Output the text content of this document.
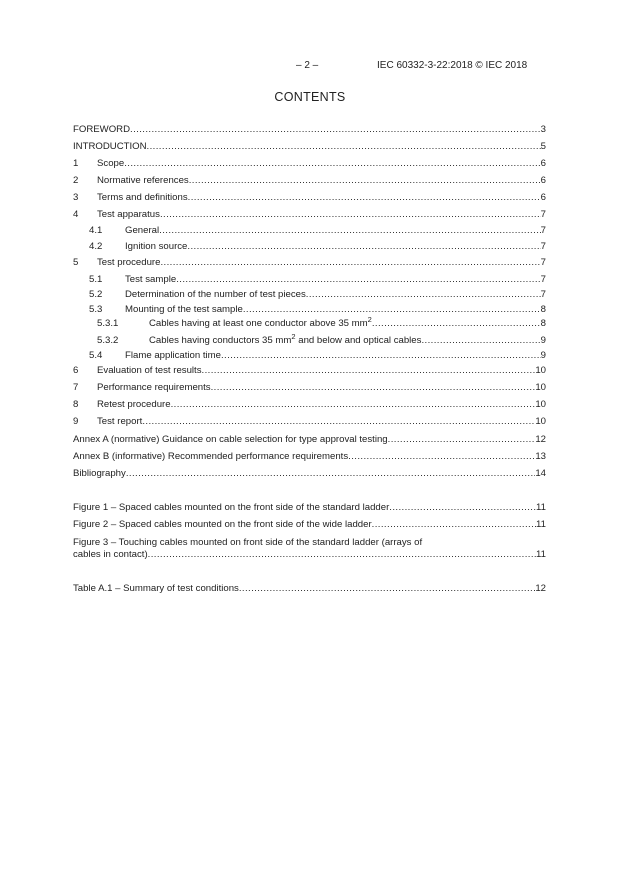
– 2 –	IEC 60332-3-22:2018 © IEC 2018
CONTENTS
FOREWORD .....	3
INTRODUCTION .....	5
1	Scope .....	6
2	Normative references .....	6
3	Terms and definitions .....	6
4	Test apparatus .....	7
4.1	General .....	7
4.2	Ignition source .....	7
5	Test procedure .....	7
5.1	Test sample .....	7
5.2	Determination of the number of test pieces .....	7
5.3	Mounting of the test sample .....	8
5.3.1	Cables having at least one conductor above 35 $mm^2$ .....	8
5.3.2	Cables having conductors 35 $mm^2$ and below and optical cables .....	9
5.4	Flame application time .....	9
6	Evaluation of test results .....	10
7	Performance requirements .....	10
8	Retest procedure .....	10
9	Test report .....	10
Annex A (normative) Guidance on cable selection for type approval testing .....	12
Annex B (informative) Recommended performance requirements .....	13
Bibliography .....	14
Figure 1 – Spaced cables mounted on the front side of the standard ladder .....	11
Figure 2 – Spaced cables mounted on the front side of the wide ladder .....	11
Figure 3 – Touching cables mounted on front side of the standard ladder (arrays of
cables in contact) .....	11
Table A.1 – Summary of test conditions .....	12
